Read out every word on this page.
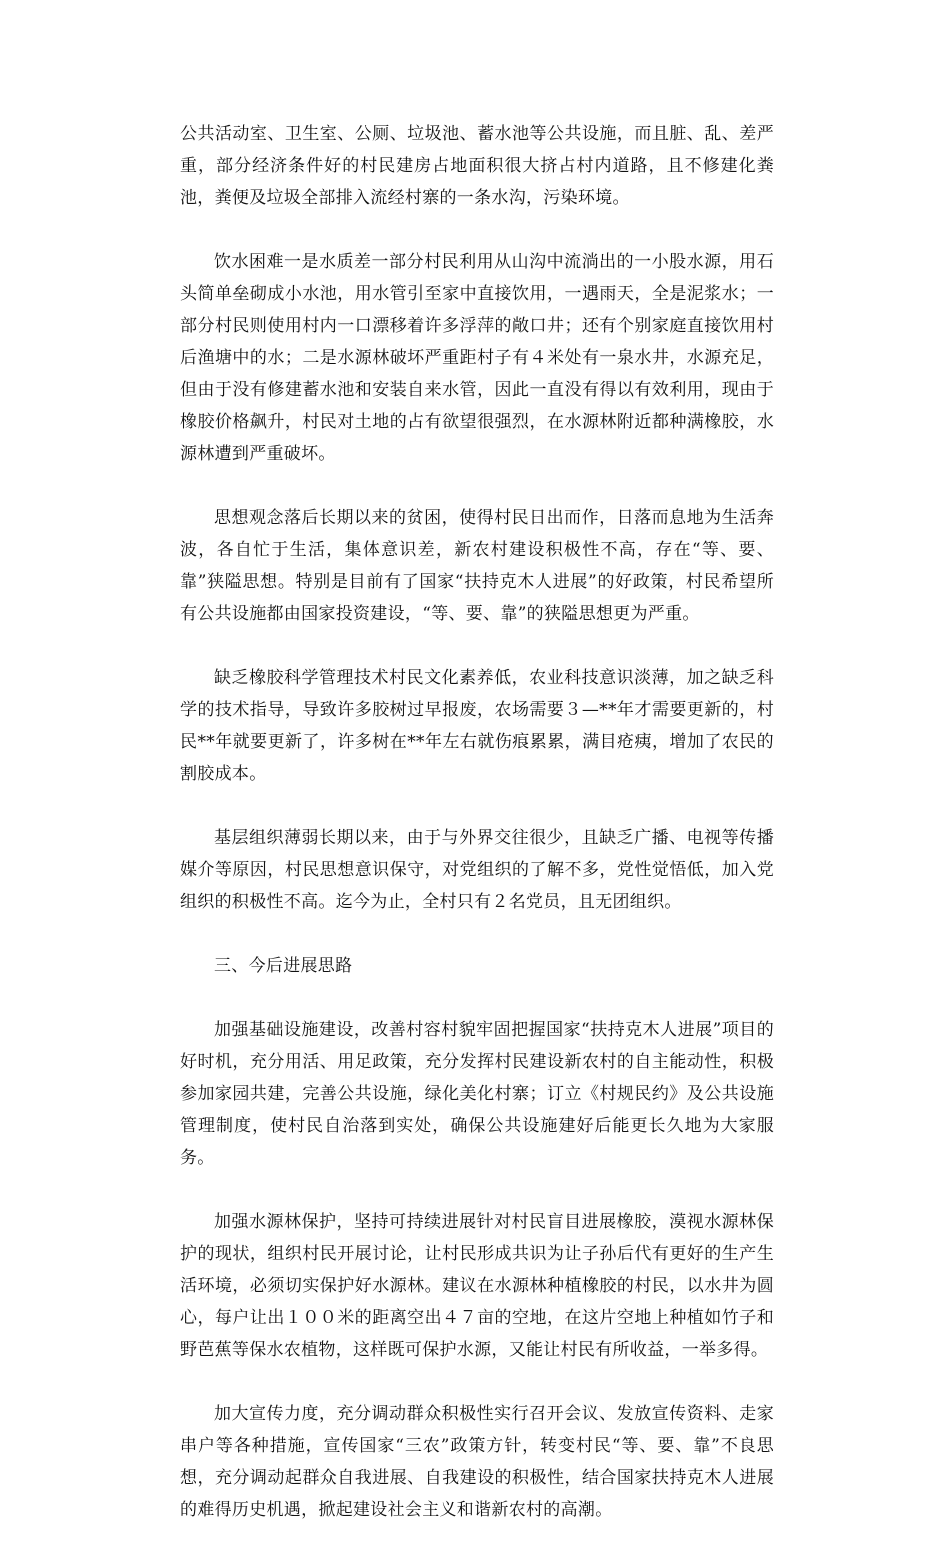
公共活动室、卫生室、公厕、垃圾池、蓄水池等公共设施，而且脏、乱、差严重，部分经济条件好的村民建房占地面积很大挤占村内道路，且不修建化粪池，粪便及垃圾全部排入流经村寨的一条水沟，污染环境。

饮水困难一是水质差一部分村民利用从山沟中流淌出的一小股水源，用石头简单垒砌成小水池，用水管引至家中直接饮用，一遇雨天，全是泥浆水；一部分村民则使用村内一口漂移着许多浮萍的敞口井；还有个别家庭直接饮用村后渔塘中的水；二是水源林破坏严重距村子有４米处有一泉水井，水源充足，但由于没有修建蓄水池和安装自来水管，因此一直没有得以有效利用，现由于橡胶价格飙升，村民对土地的占有欲望很强烈，在水源林附近都种满橡胶，水源林遭到严重破坏。

思想观念落后长期以来的贫困，使得村民日出而作，日落而息地为生活奔波，各自忙于生活，集体意识差，新农村建设积极性不高，存在“等、要、靠”狭隘思想。特别是目前有了国家“扶持克木人进展”的好政策，村民希望所有公共设施都由国家投资建设，“等、要、靠”的狭隘思想更为严重。

缺乏橡胶科学管理技术村民文化素养低，农业科技意识淡薄，加之缺乏科学的技术指导，导致许多胶树过早报废，农场需要３—**年才需要更新的，村民**年就要更新了，许多树在**年左右就伤痕累累，满目疮痍，增加了农民的割胶成本。

基层组织薄弱长期以来，由于与外界交往很少，且缺乏广播、电视等传播媒介等原因，村民思想意识保守，对党组织的了解不多，党性觉悟低，加入党组织的积极性不高。迄今为止，全村只有２名党员，且无团组织。

三、今后进展思路

加强基础设施建设，改善村容村貌牢固把握国家“扶持克木人进展”项目的好时机，充分用活、用足政策，充分发挥村民建设新农村的自主能动性，积极参加家园共建，完善公共设施，绿化美化村寨；订立《村规民约》及公共设施管理制度，使村民自治落到实处，确保公共设施建好后能更长久地为大家服务。

加强水源林保护，坚持可持续进展针对村民盲目进展橡胶，漠视水源林保护的现状，组织村民开展讨论，让村民形成共识为让子孙后代有更好的生产生活环境，必须切实保护好水源林。建议在水源林种植橡胶的村民，以水井为圆心，每户让出１００米的距离空出４７亩的空地，在这片空地上种植如竹子和野芭蕉等保水农植物，这样既可保护水源，又能让村民有所收益，一举多得。

加大宣传力度，充分调动群众积极性实行召开会议、发放宣传资料、走家串户等各种措施，宣传国家“三农”政策方针，转变村民“等、要、靠”不良思想，充分调动起群众自我进展、自我建设的积极性，结合国家扶持克木人进展的难得历史机遇，掀起建设社会主义和谐新农村的高潮。
